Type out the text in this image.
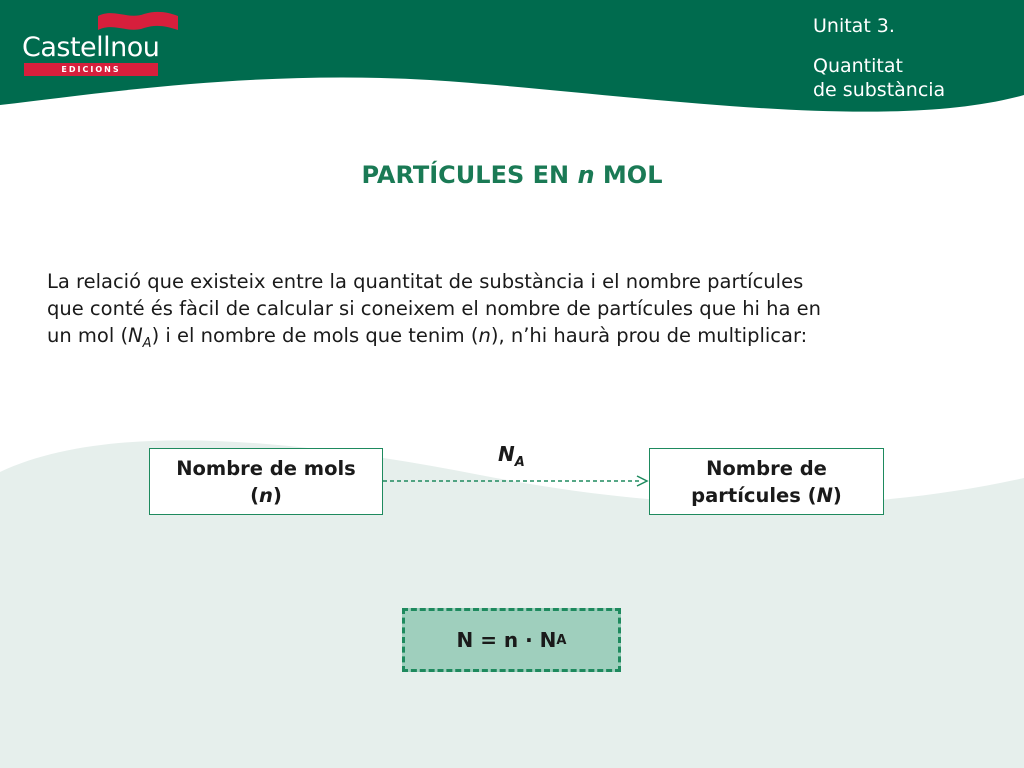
Castellnou
EDICIONS

Unitat 3.

Quantitat

de substància

PARTÍCULES EN n MOL

La relació que existeix entre la quantitat de substància i el nombre partícules

que conté és fàcil de calcular si coneixem el nombre de partícules que hi ha en

un mol $(N_A)$ i el nombre de mols que tenim (n), n’hi haurà prou de multiplicar:

Nombre de mols

(n)

$N_A$	Nombre de

partícules (N)

N = n · N A
